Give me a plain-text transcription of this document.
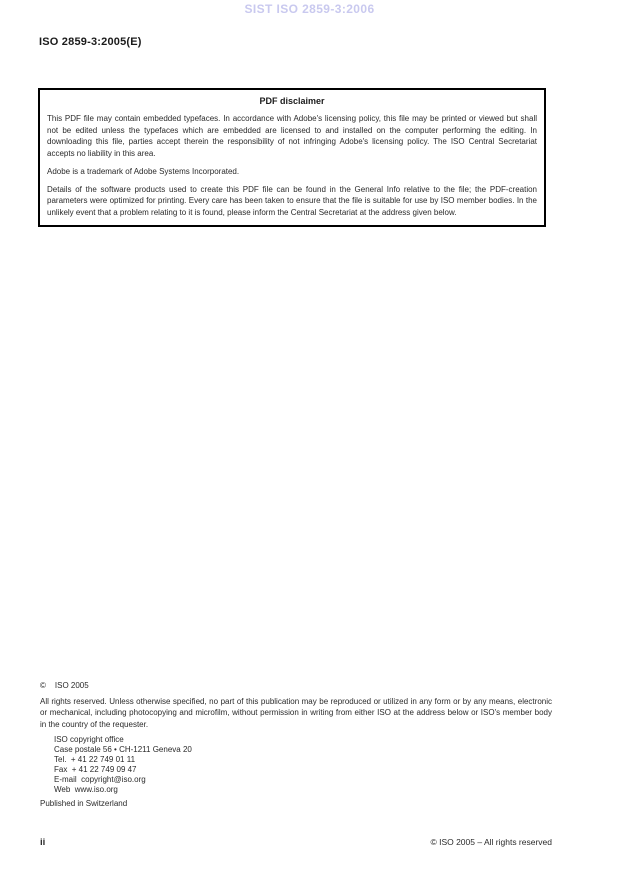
SIST ISO 2859-3:2006
ISO 2859-3:2005(E)
PDF disclaimer

This PDF file may contain embedded typefaces. In accordance with Adobe's licensing policy, this file may be printed or viewed but shall not be edited unless the typefaces which are embedded are licensed to and installed on the computer performing the editing. In downloading this file, parties accept therein the responsibility of not infringing Adobe's licensing policy. The ISO Central Secretariat accepts no liability in this area.

Adobe is a trademark of Adobe Systems Incorporated.

Details of the software products used to create this PDF file can be found in the General Info relative to the file; the PDF-creation parameters were optimized for printing. Every care has been taken to ensure that the file is suitable for use by ISO member bodies. In the unlikely event that a problem relating to it is found, please inform the Central Secretariat at the address given below.

© ISO 2005

All rights reserved. Unless otherwise specified, no part of this publication may be reproduced or utilized in any form or by any means, electronic or mechanical, including photocopying and microfilm, without permission in writing from either ISO at the address below or ISO's member body in the country of the requester.

ISO copyright office
Case postale 56 • CH-1211 Geneva 20
Tel.  + 41 22 749 01 11
Fax  + 41 22 749 09 47
E-mail  copyright@iso.org
Web  www.iso.org
Published in Switzerland
ii	© ISO 2005 – All rights reserved
